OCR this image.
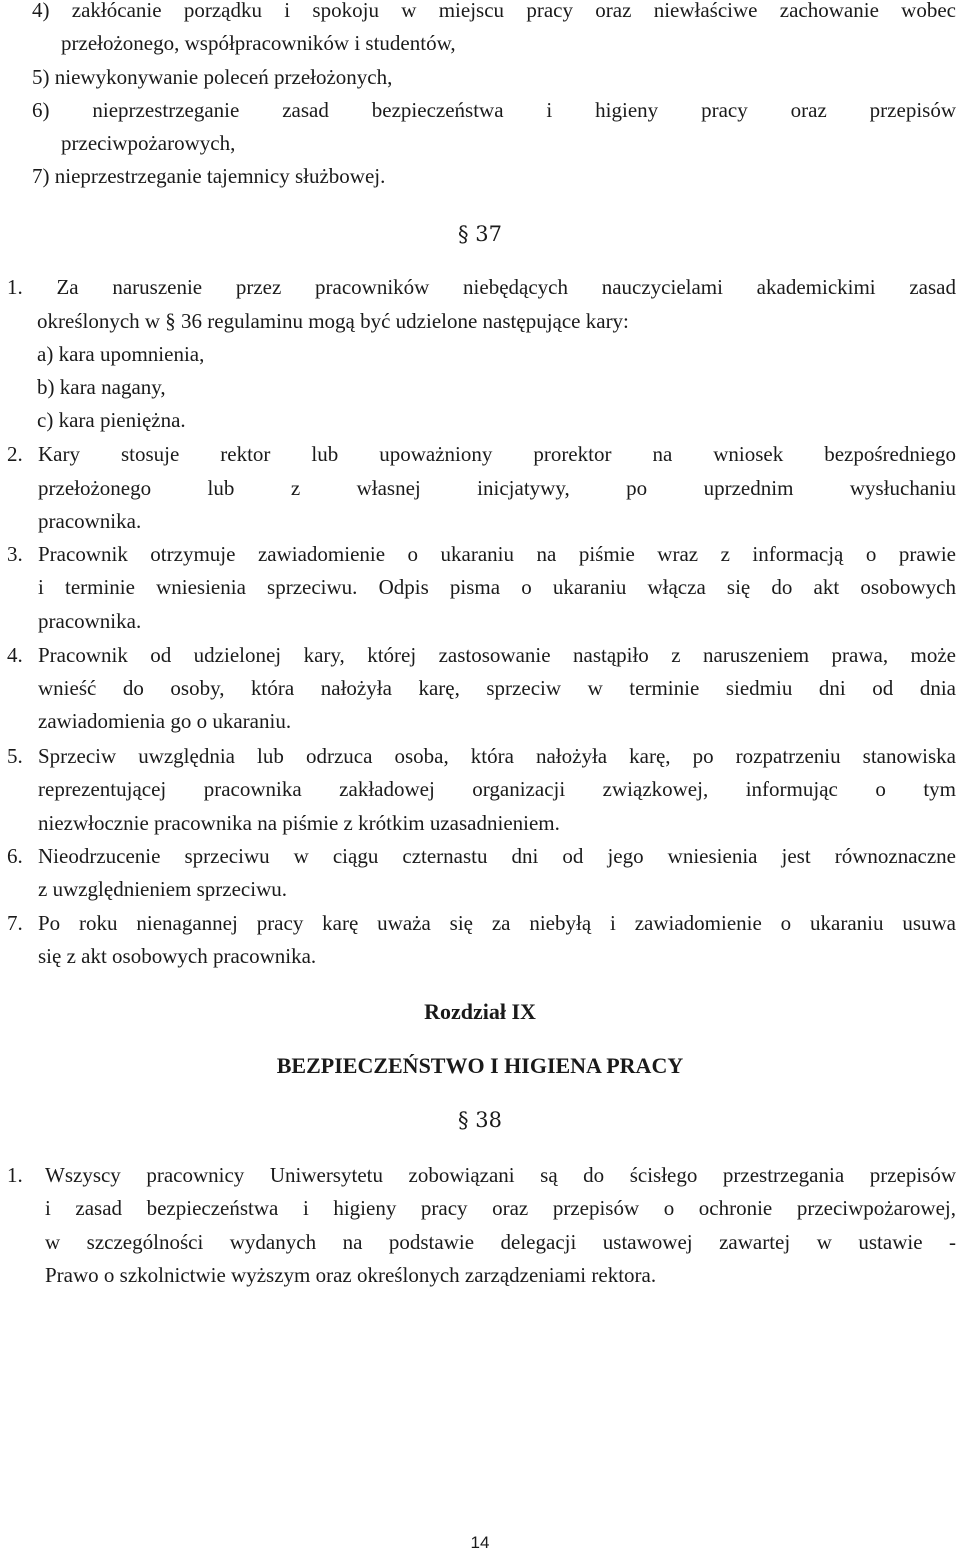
4) zakłócanie porządku i spokoju w miejscu pracy oraz niewłaściwe zachowanie wobec
przełożonego, współpracowników i studentów,
5) niewykonywanie poleceń przełożonych,
6) nieprzestrzeganie zasad bezpieczeństwa i higieny pracy oraz przepisów
przeciwpożarowych,
7) nieprzestrzeganie tajemnicy służbowej.
§ 37
1. Za naruszenie przez pracowników niebędących nauczycielami akademickimi zasad
określonych w § 36 regulaminu mogą być udzielone następujące kary:
a) kara upomnienia,
b) kara nagany,
c) kara pieniężna.
2. Kary stosuje rektor lub upoważniony prorektor na wniosek bezpośredniego
przełożonego lub z własnej inicjatywy, po uprzednim wysłuchaniu
pracownika.
3. Pracownik otrzymuje zawiadomienie o ukaraniu na piśmie wraz z informacją o prawie
i terminie wniesienia sprzeciwu. Odpis pisma o ukaraniu włącza się do akt osobowych
pracownika.
4. Pracownik od udzielonej kary, której zastosowanie nastąpiło z naruszeniem prawa, może
wnieść do osoby, która nałożyła karę, sprzeciw w terminie siedmiu dni od dnia
zawiadomienia go o ukaraniu.
5. Sprzeciw uwzględnia lub odrzuca osoba, która nałożyła karę, po rozpatrzeniu stanowiska
reprezentującej pracownika zakładowej organizacji związkowej, informując o tym
niezwłocznie pracownika na piśmie z krótkim uzasadnieniem.
6. Nieodrzucenie sprzeciwu w ciągu czternastu dni od jego wniesienia jest równoznaczne
z uwzględnieniem sprzeciwu.
7. Po roku nienagannej pracy karę uważa się za niebyłą i zawiadomienie o ukaraniu usuwa
się z akt osobowych pracownika.
Rozdział IX
BEZPIECZEŃSTWO I HIGIENA PRACY
§ 38
1. Wszyscy pracownicy Uniwersytetu zobowiązani są do ścisłego przestrzegania przepisów
i zasad bezpieczeństwa i higieny pracy oraz przepisów o ochronie przeciwpożarowej,
w szczególności wydanych na podstawie delegacji ustawowej zawartej w ustawie -
Prawo o szkolnictwie wyższym oraz określonych zarządzeniami rektora.
14
